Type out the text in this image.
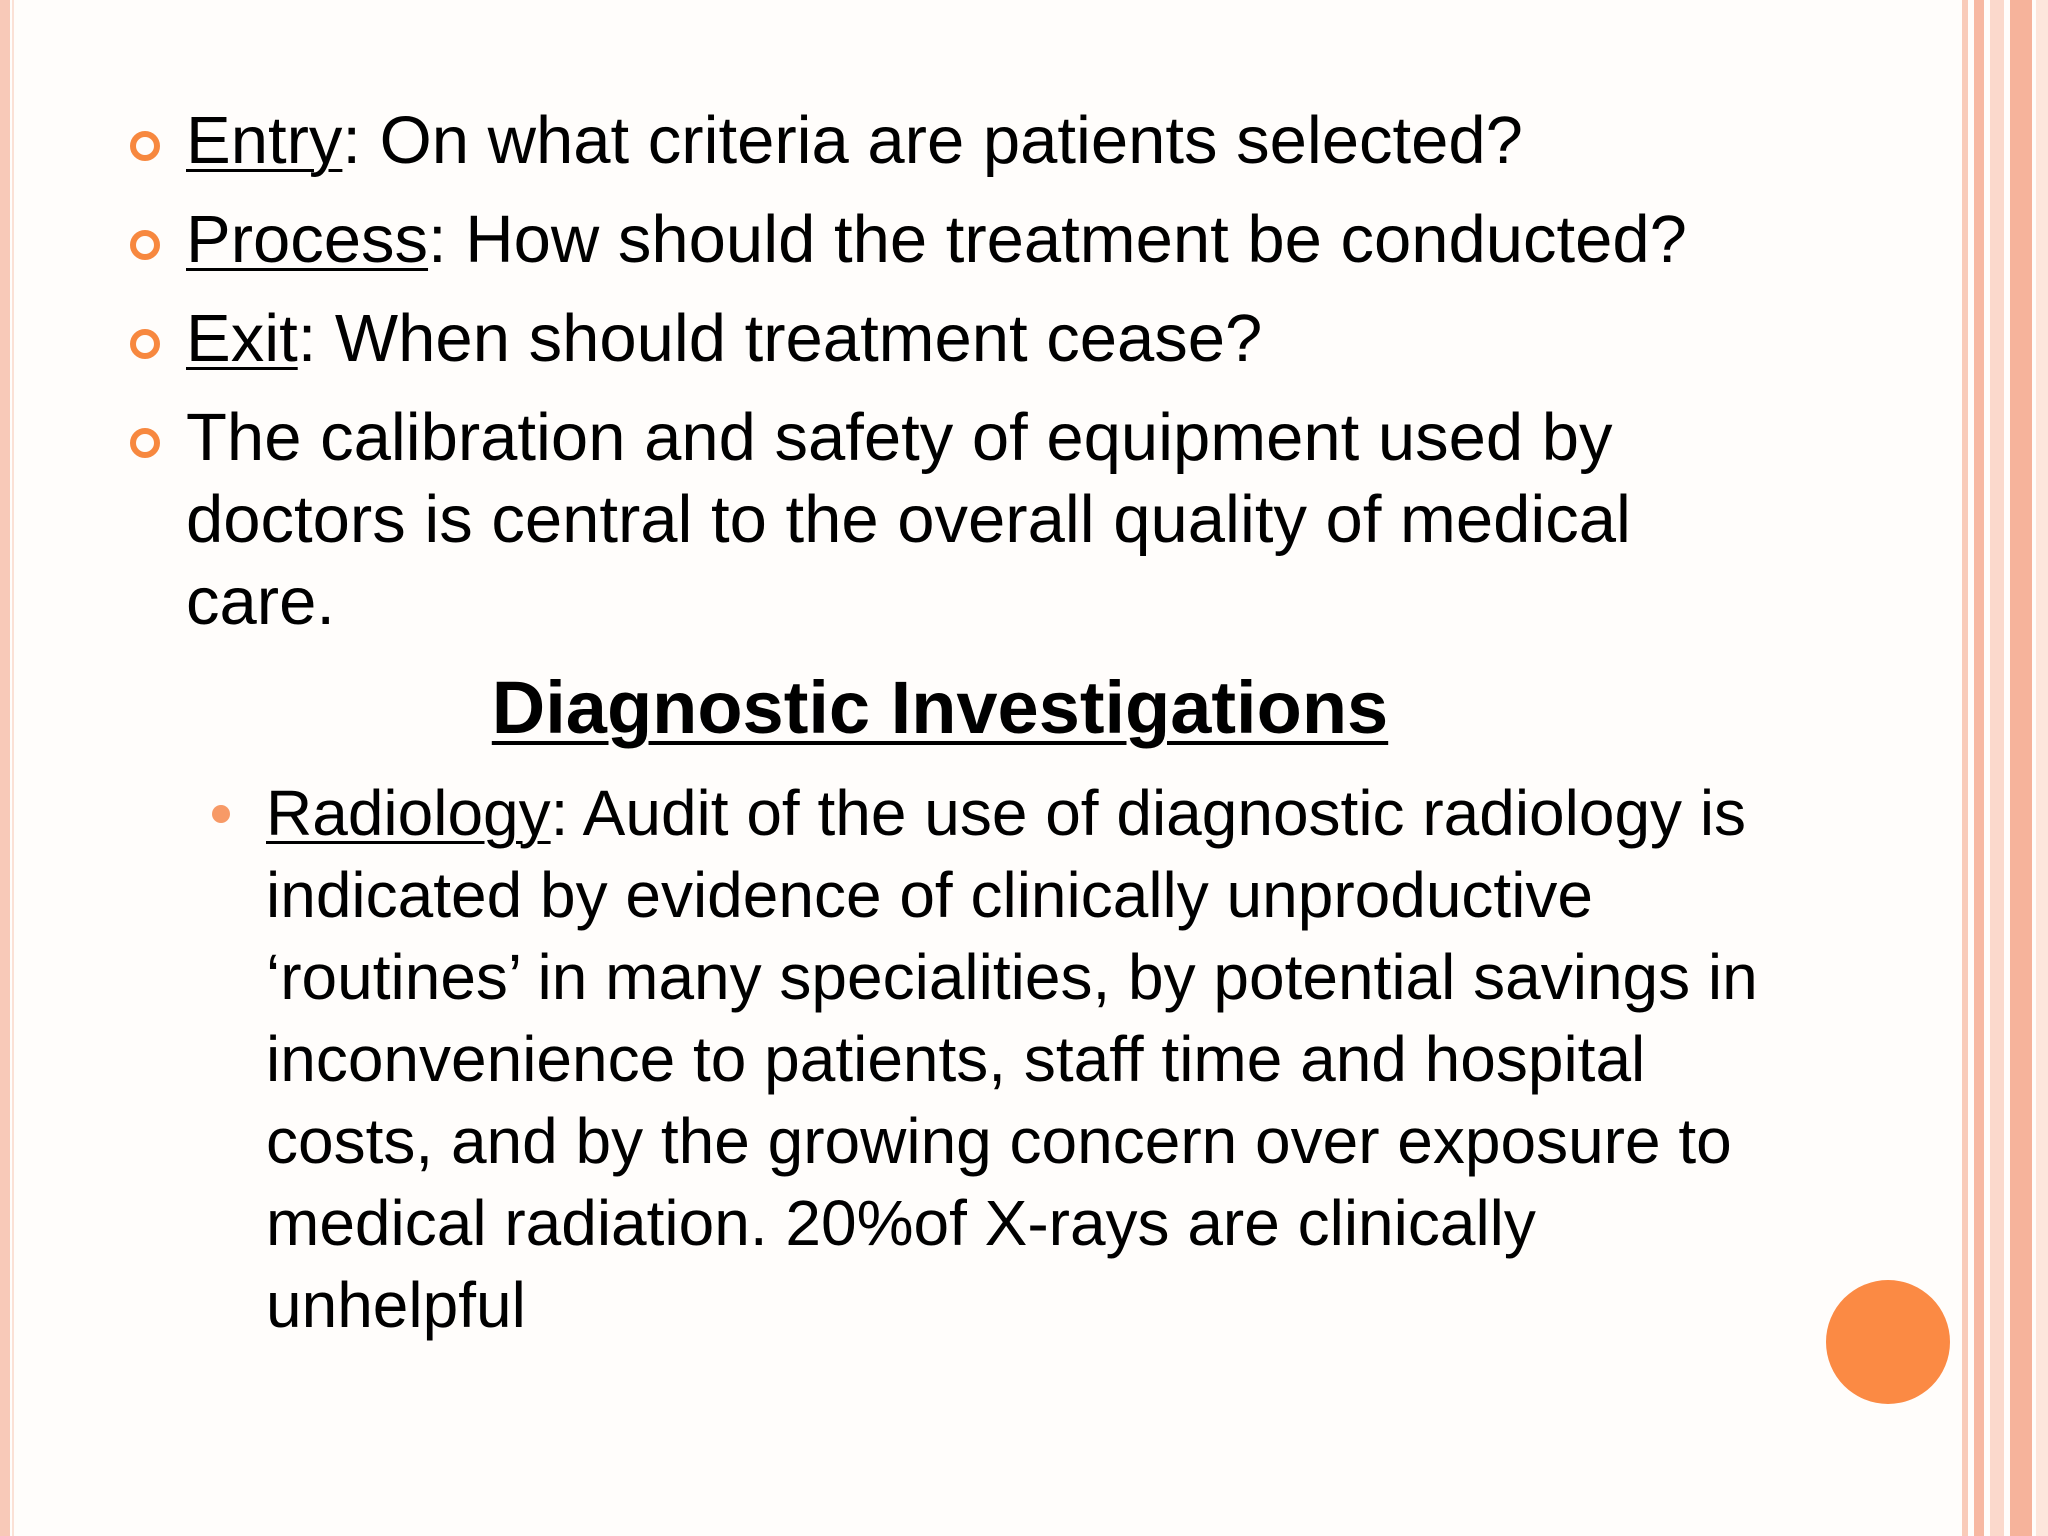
Entry: On what criteria are patients selected?
Process: How should the treatment be conducted?
Exit: When should treatment cease?
The calibration and safety of equipment used by doctors is central to the overall quality of medical care.
Diagnostic Investigations
Radiology: Audit of the use of diagnostic radiology is indicated by evidence of clinically unproductive ‘routines’ in many specialities, by potential savings in inconvenience to patients, staff time and hospital costs, and by the growing concern over exposure to medical radiation. 20%of X-rays are clinically unhelpful
